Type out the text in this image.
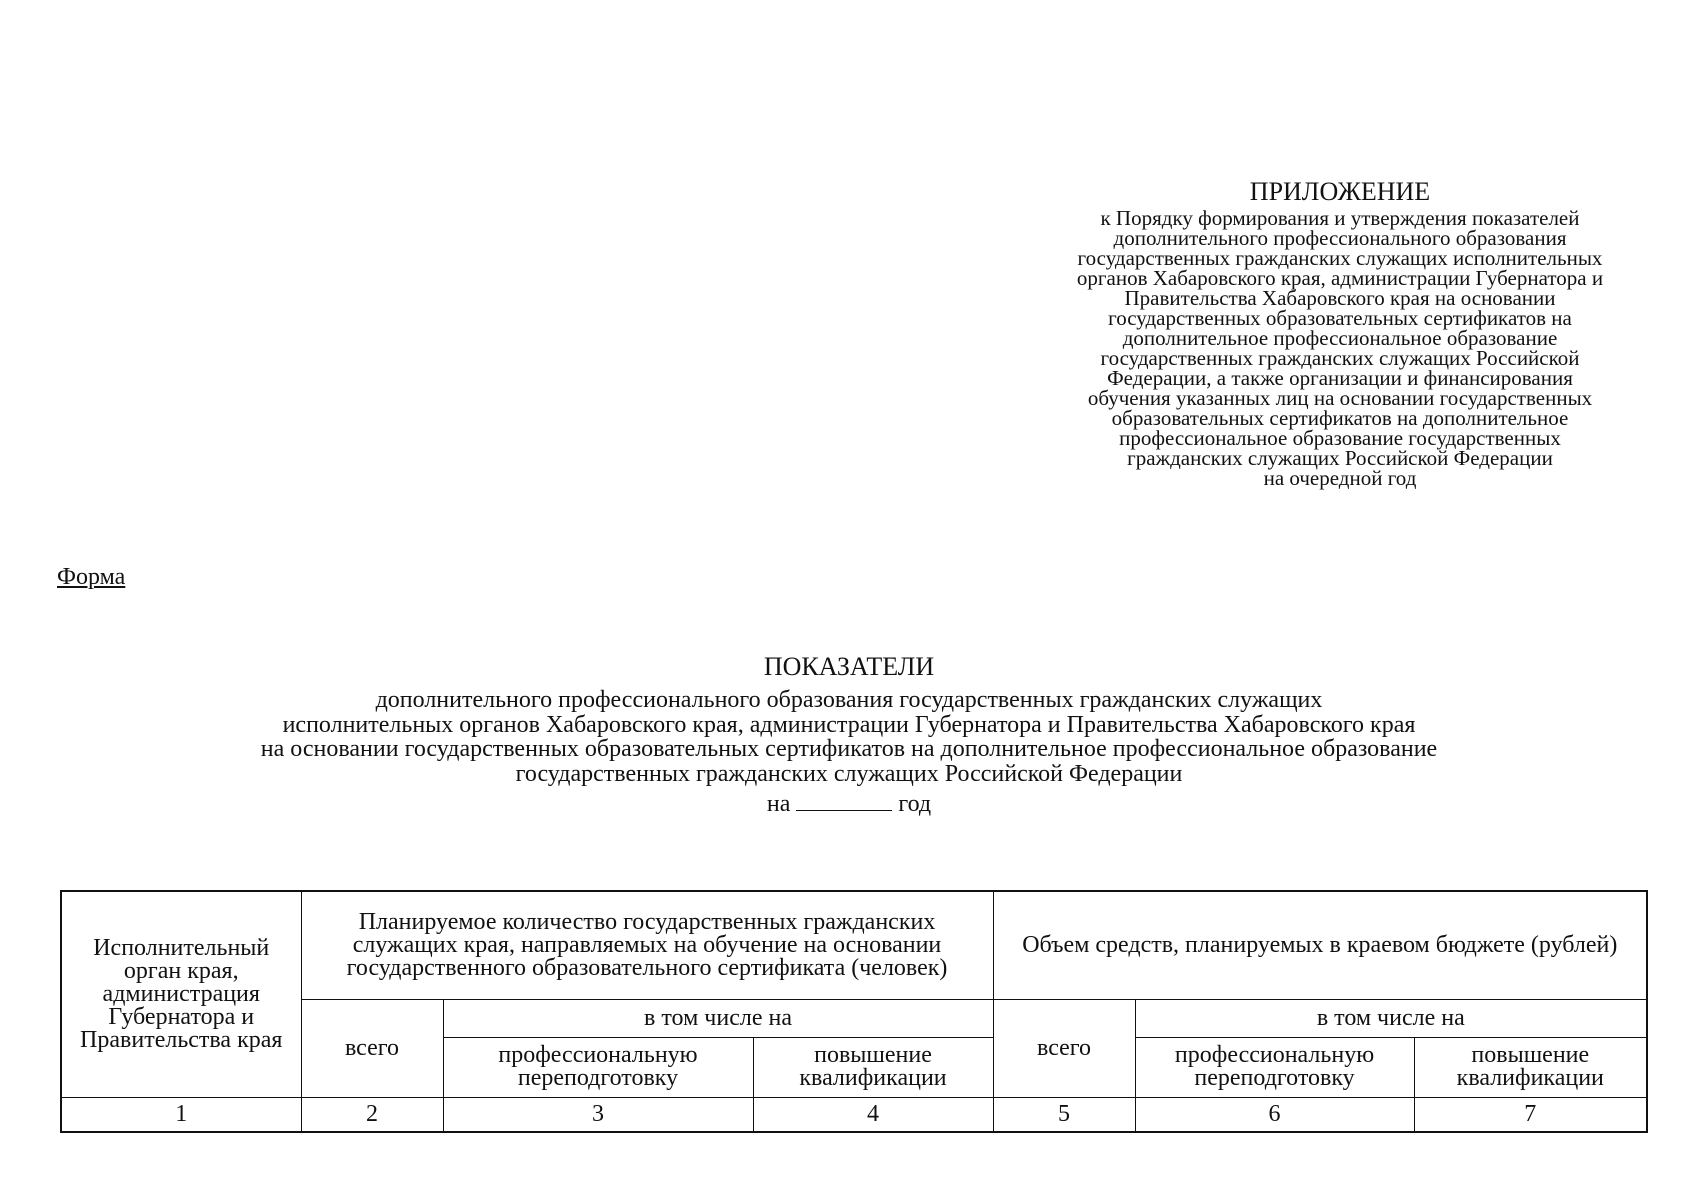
ПРИЛОЖЕНИЕ
к Порядку формирования и утверждения показателей
дополнительного профессионального образования
государственных гражданских служащих исполнительных
органов Хабаровского края, администрации Губернатора и
Правительства Хабаровского края на основании
государственных образовательных сертификатов на
дополнительное профессиональное образование
государственных гражданских служащих Российской
Федерации, а также организации и финансирования
обучения указанных лиц на основании государственных
образовательных сертификатов на дополнительное
профессиональное образование государственных
гражданских служащих Российской Федерации
на очередной год
Форма
ПОКАЗАТЕЛИ
дополнительного профессионального образования государственных гражданских служащих
исполнительных органов Хабаровского края, администрации Губернатора и Правительства Хабаровского края
на основании государственных образовательных сертификатов на дополнительное профессиональное образование
государственных гражданских служащих Российской Федерации
на	год
Исполнительный орган края, администрация Губернатора и Правительства края	Планируемое количество государственных гражданских служащих края, направляемых на обучение на основании государственного образовательного сертификата (человек)			Объем средств, планируемых в краевом бюджете (рублей)		
	всего	в том числе на		всего	в том числе на	
		профессиональную переподготовку	повышение квалификации		профессиональную переподготовку	повышение квалификации
1	2	3	4	5	6	7
